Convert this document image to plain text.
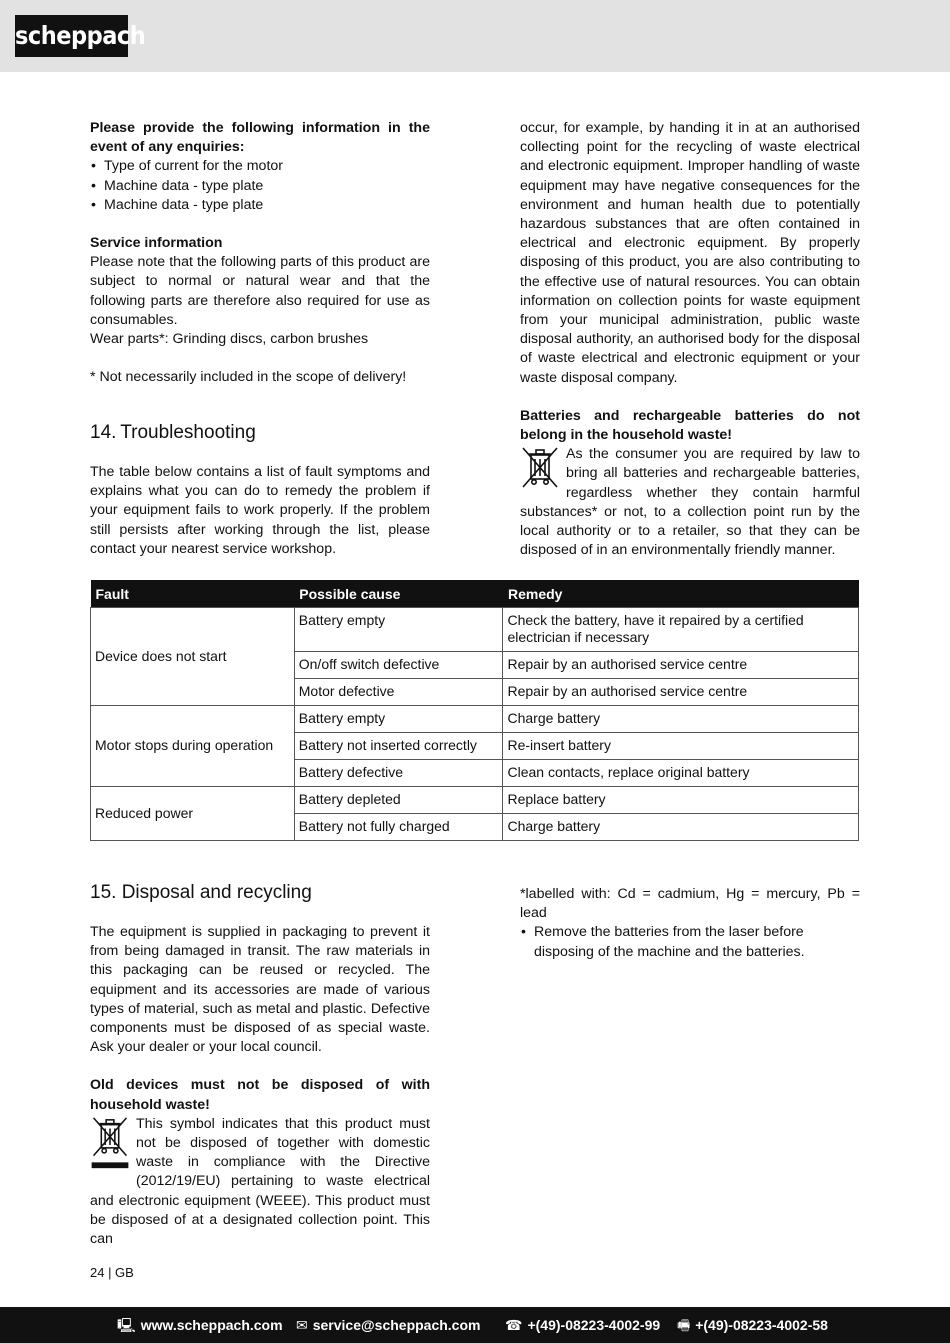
scheppach

Please provide the following information in the event of any enquiries:

• Type of current for the motor
• Machine data - type plate
• Machine data - type plate

Service information

Please note that the following parts of this product are subject to normal or natural wear and that the following parts are therefore also required for use as consumables.

Wear parts*: Grinding discs, carbon brushes

* Not necessarily included in the scope of delivery!

14. Troubleshooting

The table below contains a list of fault symptoms and explains what you can do to remedy the problem if your equipment fails to work properly. If the problem still persists after working through the list, please contact your nearest service workshop.

occur, for example, by handing it in at an authorised collecting point for the recycling of waste electrical and electronic equipment. Improper handling of waste equipment may have negative consequences for the environment and human health due to potentially hazardous substances that are often contained in electrical and electronic equipment. By properly disposing of this product, you are also contributing to the effective use of natural resources. You can obtain information on collection points for waste equipment from your municipal administration, public waste disposal authority, an authorised body for the disposal of waste electrical and electronic equipment or your waste disposal company.

Batteries and rechargeable batteries do not belong in the household waste!

As the consumer you are required by law to bring all batteries and rechargeable batteries, regardless whether they contain harmful substances* or not, to a collection point run by the local authority or to a retailer, so that they can be disposed of in an environmentally friendly manner.

Fault	Possible cause	Remedy
Device does not start	Battery empty	Check the battery, have it repaired by a certified electrician if necessary
	On/off switch defective	Repair by an authorised service centre
	Motor defective	Repair by an authorised service centre
Motor stops during operation	Battery empty	Charge battery
	Battery not inserted correctly	Re-insert battery
	Battery defective	Clean contacts, replace original battery
Reduced power	Battery depleted	Replace battery
	Battery not fully charged	Charge battery
15. Disposal and recycling

The equipment is supplied in packaging to prevent it from being damaged in transit. The raw materials in this packaging can be reused or recycled. The equipment and its accessories are made of various types of material, such as metal and plastic. Defective components must be disposed of as special waste. Ask your dealer or your local council.

Old devices must not be disposed of with household waste!

This symbol indicates that this product must not be disposed of together with domestic waste in compliance with the Directive (2012/19/EU) pertaining to waste electrical and electronic equipment (WEEE). This product must be disposed of at a designated collection point. This can

*labelled with: Cd = cadmium, Hg = mercury, Pb = lead

• Remove the batteries from the laser before disposing of the machine and the batteries.
24 | GB
🖳 www.scheppach.com ✉ service@scheppach.com ☎ +(49)-08223-4002-99 🖷 +(49)-08223-4002-58
